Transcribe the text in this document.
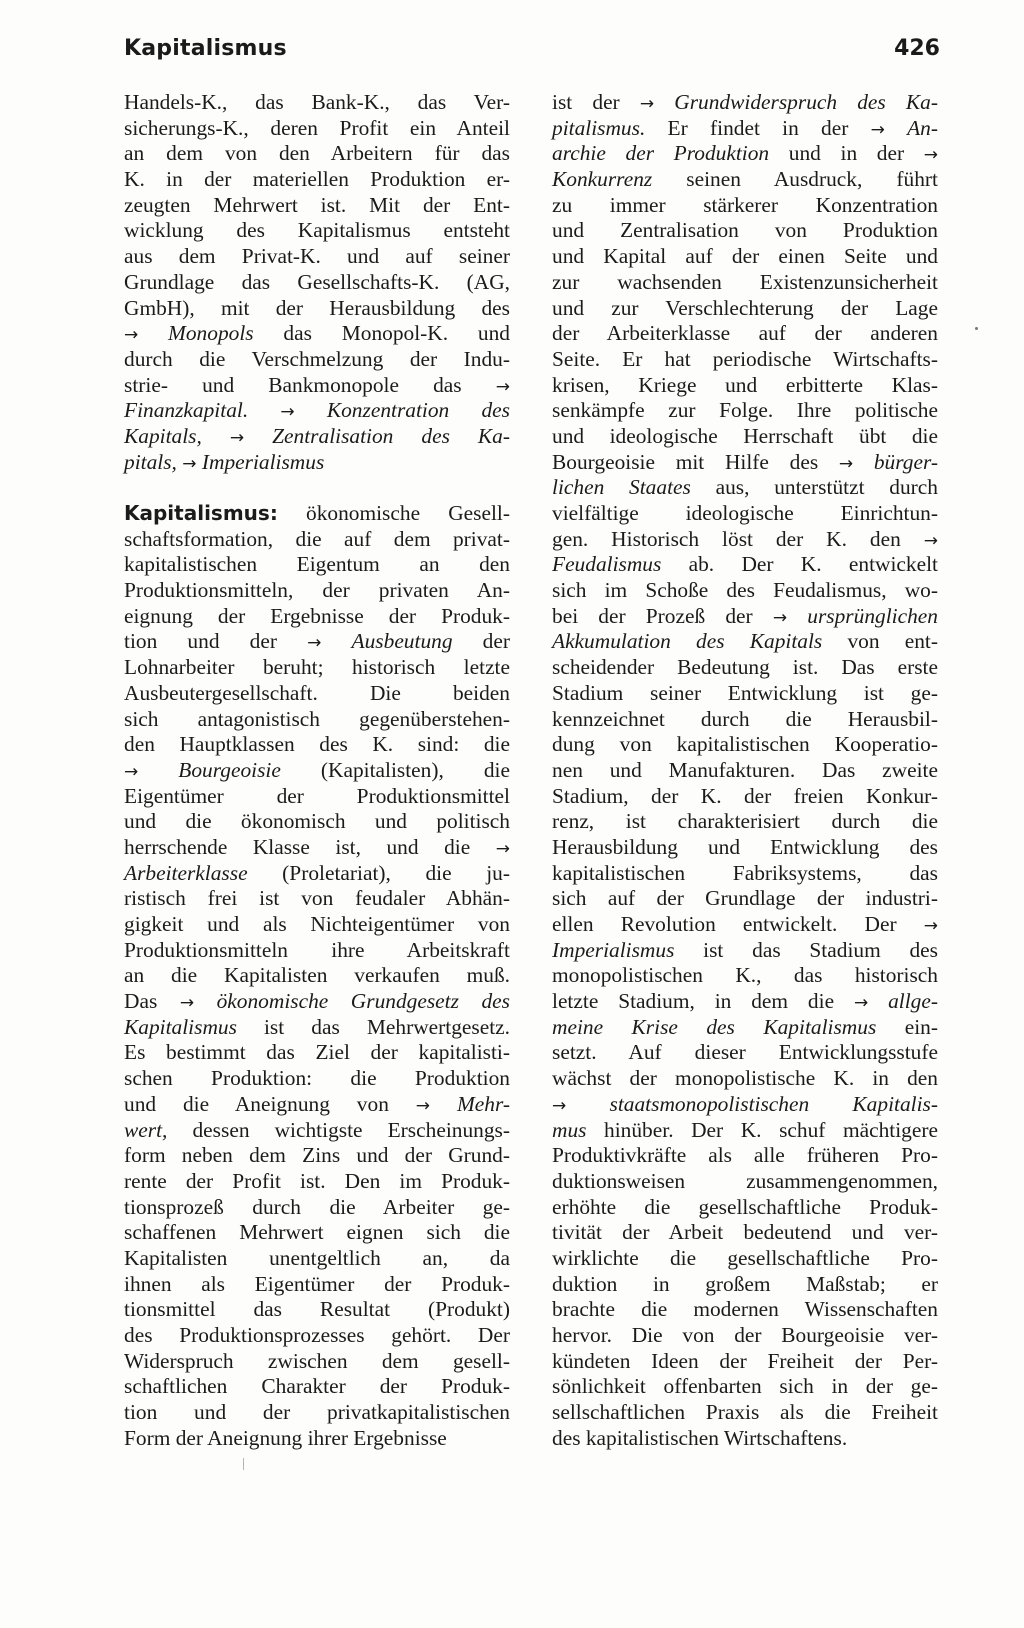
Kapitalismus	426
Handels-K., das Bank-K., das Ver-
sicherungs-K., deren Profit ein Anteil
an dem von den Arbeitern für das
K. in der materiellen Produktion er-
zeugten Mehrwert ist. Mit der Ent-
wicklung des Kapitalismus entsteht
aus dem Privat-K. und auf seiner
Grundlage das Gesellschafts-K. (AG,
GmbH), mit der Herausbildung des
→ Monopols das Monopol-K. und
durch die Verschmelzung der Indu-
strie- und Bankmonopole das →
Finanzkapital. → Konzentration des
Kapitals, → Zentralisation des Ka-
pitals, → Imperialismus
Kapitalismus: ökonomische Gesell-
schaftsformation, die auf dem privat-
kapitalistischen Eigentum an den
Produktionsmitteln, der privaten An-
eignung der Ergebnisse der Produk-
tion und der → Ausbeutung der
Lohnarbeiter beruht; historisch letzte
Ausbeutergesellschaft. Die beiden
sich antagonistisch gegenüberstehen-
den Hauptklassen des K. sind: die
→ Bourgeoisie (Kapitalisten), die
Eigentümer der Produktionsmittel
und die ökonomisch und politisch
herrschende Klasse ist, und die →
Arbeiterklasse (Proletariat), die ju-
ristisch frei ist von feudaler Abhän-
gigkeit und als Nichteigentümer von
Produktionsmitteln ihre Arbeitskraft
an die Kapitalisten verkaufen muß.
Das → ökonomische Grundgesetz des
Kapitalismus ist das Mehrwertgesetz.
Es bestimmt das Ziel der kapitalisti-
schen Produktion: die Produktion
und die Aneignung von → Mehr-
wert, dessen wichtigste Erscheinungs-
form neben dem Zins und der Grund-
rente der Profit ist. Den im Produk-
tionsprozeß durch die Arbeiter ge-
schaffenen Mehrwert eignen sich die
Kapitalisten unentgeltlich an, da
ihnen als Eigentümer der Produk-
tionsmittel das Resultat (Produkt)
des Produktionsprozesses gehört. Der
Widerspruch zwischen dem gesell-
schaftlichen Charakter der Produk-
tion und der privatkapitalistischen
Form der Aneignung ihrer Ergebnisse
ist der → Grundwiderspruch des Ka-
pitalismus. Er findet in der → An-
archie der Produktion und in der →
Konkurrenz seinen Ausdruck, führt
zu immer stärkerer Konzentration
und Zentralisation von Produktion
und Kapital auf der einen Seite und
zur wachsenden Existenzunsicherheit
und zur Verschlechterung der Lage
der Arbeiterklasse auf der anderen
Seite. Er hat periodische Wirtschafts-
krisen, Kriege und erbitterte Klas-
senkämpfe zur Folge. Ihre politische
und ideologische Herrschaft übt die
Bourgeoisie mit Hilfe des → bürger-
lichen Staates aus, unterstützt durch
vielfältige ideologische Einrichtun-
gen. Historisch löst der K. den →
Feudalismus ab. Der K. entwickelt
sich im Schoße des Feudalismus, wo-
bei der Prozeß der → ursprünglichen
Akkumulation des Kapitals von ent-
scheidender Bedeutung ist. Das erste
Stadium seiner Entwicklung ist ge-
kennzeichnet durch die Herausbil-
dung von kapitalistischen Kooperatio-
nen und Manufakturen. Das zweite
Stadium, der K. der freien Konkur-
renz, ist charakterisiert durch die
Herausbildung und Entwicklung des
kapitalistischen Fabriksystems, das
sich auf der Grundlage der industri-
ellen Revolution entwickelt. Der →
Imperialismus ist das Stadium des
monopolistischen K., das historisch
letzte Stadium, in dem die → allge-
meine Krise des Kapitalismus ein-
setzt. Auf dieser Entwicklungsstufe
wächst der monopolistische K. in den
→ staatsmonopolistischen Kapitalis-
mus hinüber. Der K. schuf mächtigere
Produktivkräfte als alle früheren Pro-
duktionsweisen zusammengenommen,
erhöhte die gesellschaftliche Produk-
tivität der Arbeit bedeutend und ver-
wirklichte die gesellschaftliche Pro-
duktion in großem Maßstab; er
brachte die modernen Wissenschaften
hervor. Die von der Bourgeoisie ver-
kündeten Ideen der Freiheit der Per-
sönlichkeit offenbarten sich in der ge-
sellschaftlichen Praxis als die Freiheit
des kapitalistischen Wirtschaftens.
